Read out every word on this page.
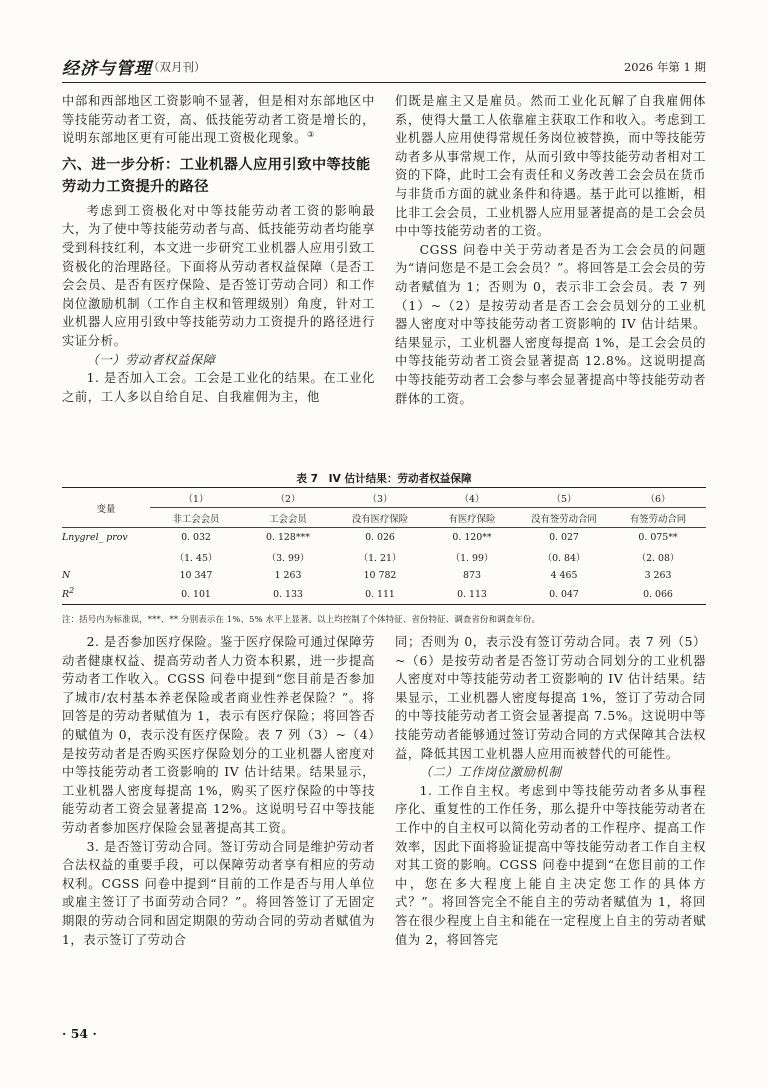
经济与管理
（双月刊）	2026 年第 1 期

中部和西部地区工资影响不显著，但是相对东部地区中等技能劳动者工资，高、低技能劳动者工资是增长的，说明东部地区更有可能出现工资极化现象。③

六、进一步分析：工业机器人应用引致中等技能劳动力工资提升的路径

考虑到工资极化对中等技能劳动者工资的影响最大，为了使中等技能劳动者与高、低技能劳动者均能享受到科技红利，本文进一步研究工业机器人应用引致工资极化的治理路径。下面将从劳动者权益保障（是否工会会员、是否有医疗保险、是否签订劳动合同）和工作岗位激励机制（工作自主权和管理级别）角度，针对工业机器人应用引致中等技能劳动力工资提升的路径进行实证分析。

（一）劳动者权益保障

1. 是否加入工会。工会是工业化的结果。在工业化之前，工人多以自给自足、自我雇佣为主，他

们既是雇主又是雇员。然而工业化瓦解了自我雇佣体系，使得大量工人依靠雇主获取工作和收入。考虑到工业机器人应用使得常规任务岗位被替换，而中等技能劳动者多从事常规工作，从而引致中等技能劳动者相对工资的下降，此时工会有责任和义务改善工会会员在货币与非货币方面的就业条件和待遇。基于此可以推断，相比非工会会员，工业机器人应用显著提高的是工会会员中中等技能劳动者的工资。

CGSS 问卷中关于劳动者是否为工会会员的问题为“请问您是不是工会会员？”。将回答是工会会员的劳动者赋值为 1；否则为 0，表示非工会会员。表 7 列（1）~（2）是按劳动者是否工会会员划分的工业机器人密度对中等技能劳动者工资影响的 IV 估计结果。结果显示，工业机器人密度每提高 1%，是工会会员的中等技能劳动者工资会显著提高 12.8%。这说明提高中等技能劳动者工会参与率会显著提高中等技能劳动者群体的工资。

表 7　IV 估计结果：劳动者权益保障
变量	（1）	（2）	（3）	（4）	（5）	（6）
	非工会会员	工会会员	没有医疗保险	有医疗保险	没有签劳动合同	有签劳动合同
Lnygrel_ prov	0. 032	0. 128***	0. 026	0. 120**	0. 027	0. 075**
	（1. 45）	（3. 99）	（1. 21）	（1. 99）	（0. 84）	（2. 08）
N	10 347	1 263	10 782	873	4 465	3 263
$R^2$	0. 101	0. 133	0. 111	0. 113	0. 047	0. 066
注：括号内为标准误，***、** 分别表示在 1%、5% 水平上显著。以上均控制了个体特征、省份特征、调查省份和调查年份。

2. 是否参加医疗保险。鉴于医疗保险可通过保障劳动者健康权益、提高劳动者人力资本积累，进一步提高劳动者工作收入。CGSS 问卷中提到“您目前是否参加了城市/农村基本养老保险或者商业性养老保险？”。将回答是的劳动者赋值为 1，表示有医疗保险；将回答否的赋值为 0，表示没有医疗保险。表 7 列（3）~（4）是按劳动者是否购买医疗保险划分的工业机器人密度对中等技能劳动者工资影响的 IV 估计结果。结果显示，工业机器人密度每提高 1%，购买了医疗保险的中等技能劳动者工资会显著提高 12%。这说明号召中等技能劳动者参加医疗保险会显著提高其工资。

3. 是否签订劳动合同。签订劳动合同是维护劳动者合法权益的重要手段，可以保障劳动者享有相应的劳动权利。CGSS 问卷中提到“目前的工作是否与用人单位或雇主签订了书面劳动合同？”。将回答签订了无固定期限的劳动合同和固定期限的劳动合同的劳动者赋值为 1，表示签订了劳动合

同；否则为 0，表示没有签订劳动合同。表 7 列（5）~（6）是按劳动者是否签订劳动合同划分的工业机器人密度对中等技能劳动者工资影响的 IV 估计结果。结果显示，工业机器人密度每提高 1%，签订了劳动合同的中等技能劳动者工资会显著提高 7.5%。这说明中等技能劳动者能够通过签订劳动合同的方式保障其合法权益，降低其因工业机器人应用而被替代的可能性。

（二）工作岗位激励机制

1. 工作自主权。考虑到中等技能劳动者多从事程序化、重复性的工作任务，那么提升中等技能劳动者在工作中的自主权可以简化劳动者的工作程序、提高工作效率，因此下面将验证提高中等技能劳动者工作自主权对其工资的影响。CGSS 问卷中提到“在您目前的工作中，您在多大程度上能自主决定您工作的具体方式？”。将回答完全不能自主的劳动者赋值为 1，将回答在很少程度上自主和能在一定程度上自主的劳动者赋值为 2，将回答完

· 54 ·
